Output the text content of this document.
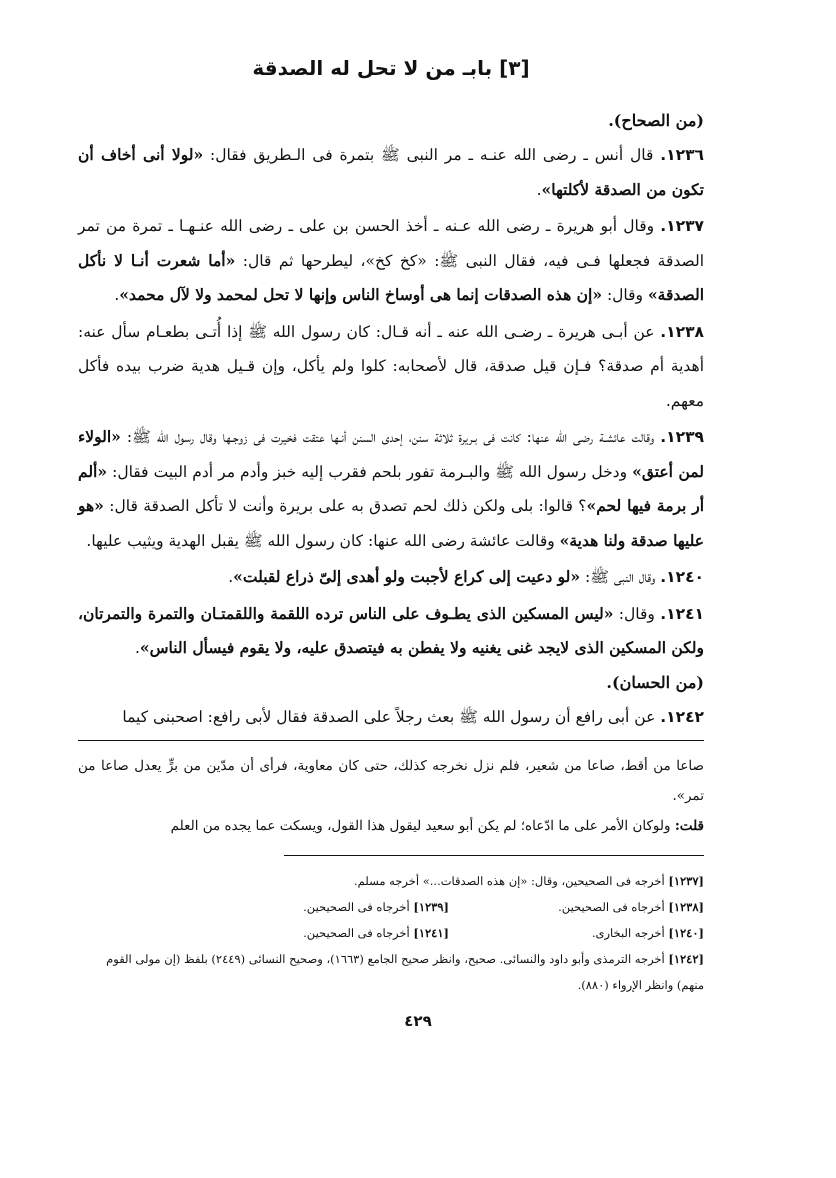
[٣] بابـ من لا تحل له الصدقة

(من الصحاح).

١٢٣٦. قال أنس ـ رضى الله عنـه ـ مر النبى ﷺ بتمرة فى الـطريق فقال: «لولا أنى أخاف أن تكون من الصدقة لأكلتها».

١٢٣٧. وقال أبو هريرة ـ رضى الله عـنه ـ أخذ الحسن بن على ـ رضى الله عنـهـا ـ تمرة من تمر الصدقة فجعلها فـى فيه، فقال النبى ﷺ: «كخ كخ»، ليطرحها ثم قال: «أما شعرت أنـا لا نأكل الصدقة» وقال: «إن هذه الصدقات إنما هى أوساخ الناس وإنها لا تحل لمحمد ولا لآل محمد».

١٢٣٨. عن أبـى هريرة ـ رضـى الله عنه ـ أنه قـال: كان رسول الله ﷺ إذا أُتـى بطعـام سأل عنه: أهدية أم صدقة؟ فـإن قيل صدقة، قال لأصحابه: كلوا ولم يأكل، وإن قـيل هدية ضرب بيده فأكل معهم.

١٢٣٩. وقالت عائشـة رضى الله عنها: كانت فى بـريرة ثلاثة سنن، إحدى السنن أنـها عتقت فخيرت فى زوجـها وقال رسول الله ﷺ: «الولاء لمن أعتق» ودخل رسول الله ﷺ والبـرمة تفور بلحم فقرب إليه خبز وأدم مر أدم البيت فقال: «ألم أر برمة فيها لحم»؟ قالوا: بلى ولكن ذلك لحم تصدق به على بريرة وأنت لا تأكل الصدقة قال: «هو عليها صدقة ولنا هدية» وقالت عائشة رضى الله عنها: كان رسول الله ﷺ يقبل الهدية ويثيب عليها.

١٢٤٠. وقال النبى ﷺ: «لو دعيت إلى كراع لأجبت ولو أهدى إلىّ ذراع لقبلت».

١٢٤١. وقال: «ليس المسكين الذى يطـوف على الناس ترده اللقمة واللقمتـان والتمرة والتمرتان، ولكن المسكين الذى لايجد غنى يغنيه ولا يفطن به فيتصدق عليه، ولا يقوم فيسأل الناس».

(من الحسان).

١٢٤٢. عن أبى رافع أن رسول الله ﷺ بعث رجلاً على الصدقة فقال لأبى رافع: اصحبنى كيما

صاعا من أقط، صاعا من شعير، فلم نزل نخرجه كذلك، حتى كان معاوية، فرأى أن مدّين من برٍّ يعدل صاعا من تمر».

قلت: ولوكان الأمر على ما ادّعاه؛ لم يكن أبو سعيد ليقول هذا القول، ويسكت عما يجده من العلم

[١٢٣٧] أخرجه فى الصحيحين، وقال: «إن هذه الصدقات...» أخرجه مسلم.
[١٢٣٨] أخرجاه فى الصحيحين.
[١٢٣٩] أخرجاه فى الصحيحين.
[١٢٤٠] أخرجه البخارى.
[١٢٤١] أخرجاه فى الصحيحين.
[١٢٤٢] أخرجه الترمذى وأبو داود والنسائى. صحيح، وانظر صحيح الجامع (١٦٦٣)، وصحيح النسائى (٢٤٤٩) بلفظ (إن مولى القوم منهم) وانظر الإرواء (٨٨٠).
٤٢٩
